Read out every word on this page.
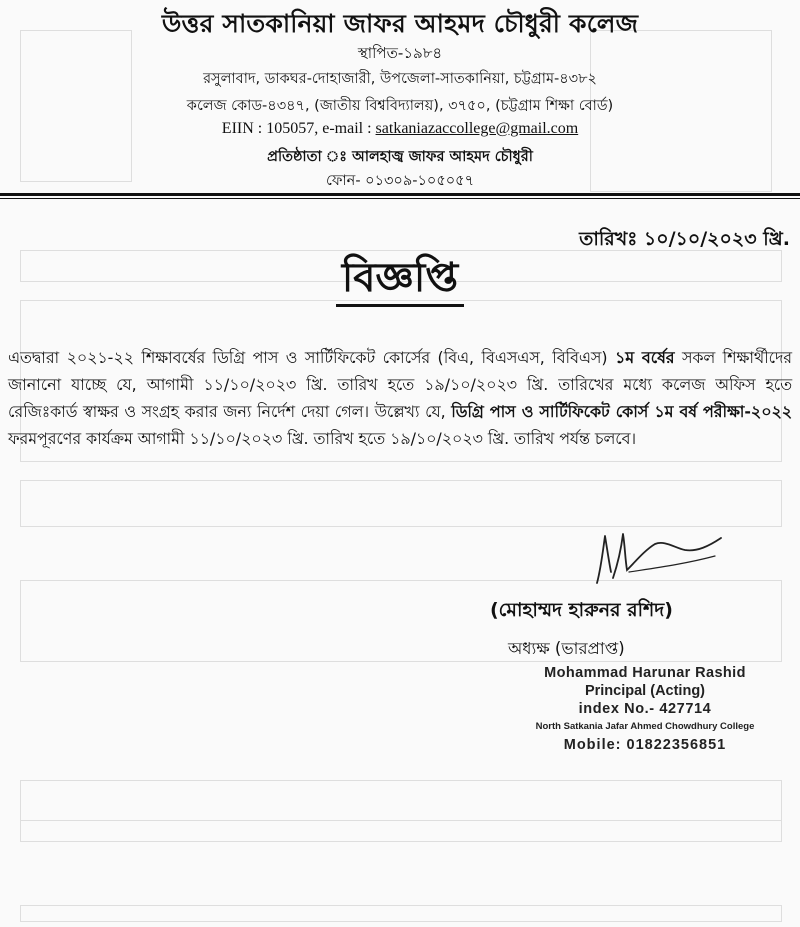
উত্তর সাতকানিয়া জাফর আহমদ চৌধুরী কলেজ
স্থাপিত-১৯৮৪
রসুলাবাদ, ডাকঘর-দোহাজারী, উপজেলা-সাতকানিয়া, চট্টগ্রাম-৪৩৮২
কলেজ কোড-৪৩৪৭, (জাতীয় বিশ্ববিদ্যালয়), ৩৭৫০, (চট্টগ্রাম শিক্ষা বোর্ড)
EIIN : 105057, e-mail : satkaniazaccollege@gmail.com
প্রতিষ্ঠাতা ঃ আলহাজ্ব জাফর আহমদ চৌধুরী
ফোন- ০১৩০৯-১০৫০৫৭
তারিখঃ ১০/১০/২০২৩ খ্রি.
বিজ্ঞপ্তি
এতদ্বারা ২০২১-২২ শিক্ষাবর্ষের ডিগ্রি পাস ও সার্টিফিকেট কোর্সের (বিএ, বিএসএস, বিবিএস) ১ম বর্ষের সকল শিক্ষার্থীদের জানানো যাচ্ছে যে, আগামী ১১/১০/২০২৩ খ্রি. তারিখ হতে ১৯/১০/২০২৩ খ্রি. তারিখের মধ্যে কলেজ অফিস হতে রেজিঃকার্ড স্বাক্ষর ও সংগ্রহ করার জন্য নির্দেশ দেয়া গেল। উল্লেখ্য যে, ডিগ্রি পাস ও সার্টিফিকেট কোর্স ১ম বর্ষ পরীক্ষা-২০২২ ফরমপূরণের কার্যক্রম আগামী ১১/১০/২০২৩ খ্রি. তারিখ হতে ১৯/১০/২০২৩ খ্রি. তারিখ পর্যন্ত চলবে।
(মোহাম্মদ হারুনর রশিদ)
অধ্যক্ষ (ভারপ্রাপ্ত)
Mohammad Harunar Rashid
Principal (Acting)
index No.- 427714
North Satkania Jafar Ahmed Chowdhury College
Mobile: 01822356851
